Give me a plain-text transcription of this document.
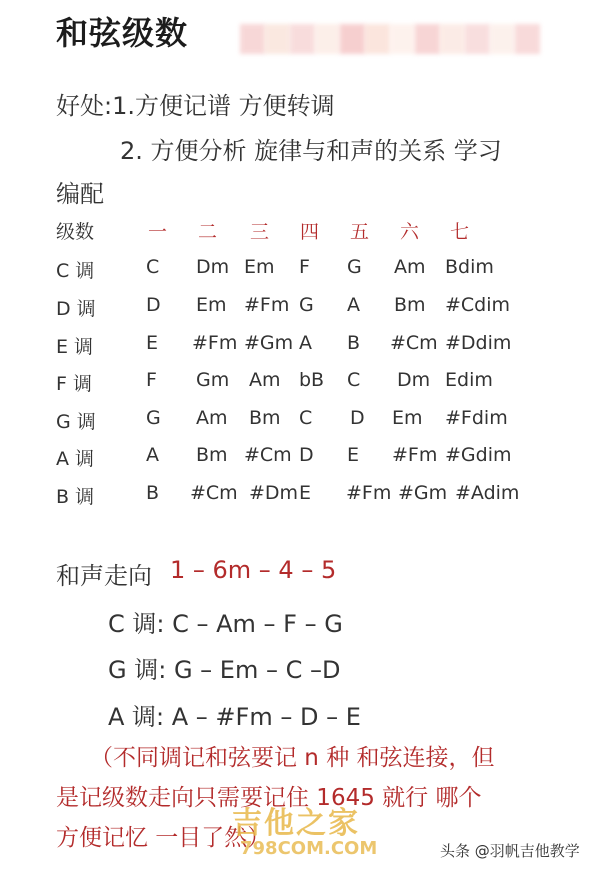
和弦级数
好处:1.方便记谱 方便转调
2. 方便分析 旋律与和声的关系 学习
编配
级数	一 二 三 四 五 六 七
C 调	C Dm Em F G Am Bdim
D 调	D Em #Fm G A Bm #Cdim
E 调	E #Fm #Gm A B #Cm #Ddim
F 调	F Gm Am bB C Dm Edim
G 调	G Am Bm C D Em #Fdim
A 调	A Bm #Cm D E #Fm #Gdim
B 调	B #Cm #Dm E #Fm #Gm #Adim
和声走向 1 – 6m – 4 – 5
C 调: C – Am – F – G
G 调: G – Em – C –D
A 调: A – #Fm – D – E
（不同调记和弦要记 n 种 和弦连接，但
是记级数走向只需要记住 1645 就行 哪个
方便记忆 一目了然）
吉他之家
798COM.COM	头条 @羽帆吉他教学
